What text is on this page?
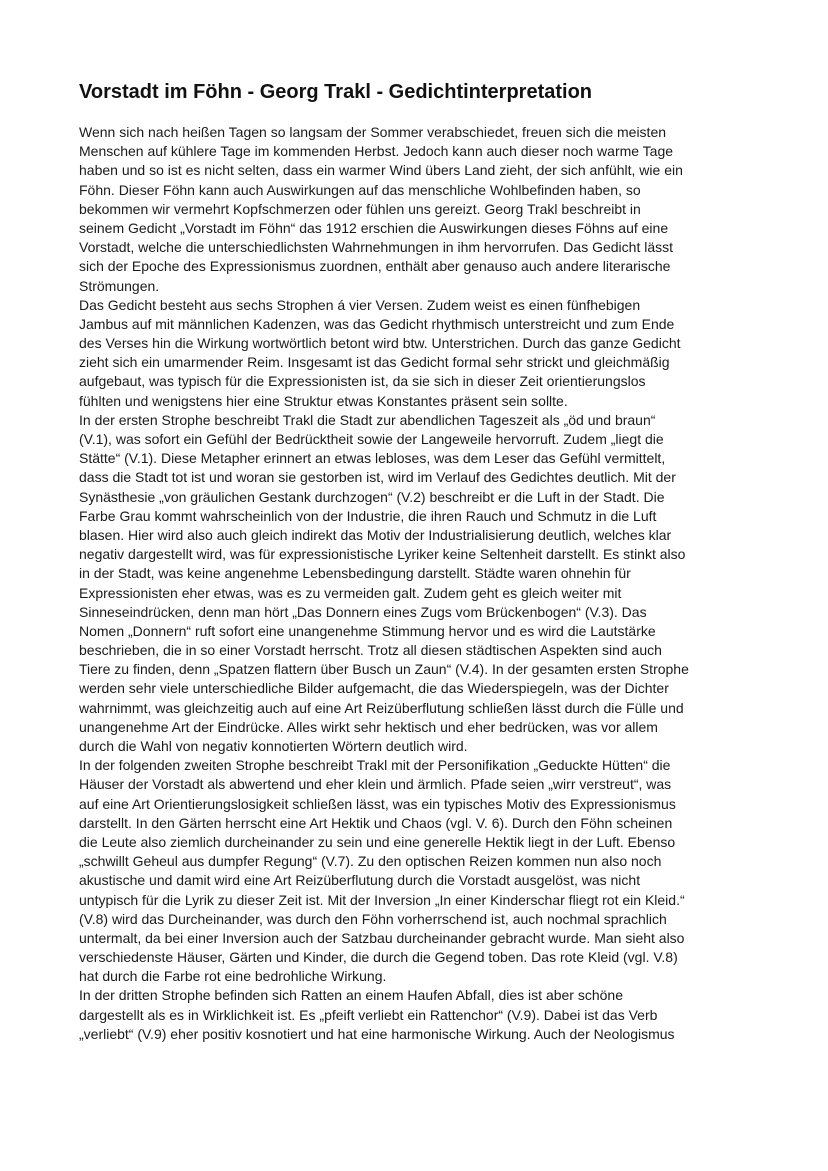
Vorstadt im Föhn - Georg Trakl - Gedichtinterpretation
Wenn sich nach heißen Tagen so langsam der Sommer verabschiedet, freuen sich die meisten
Menschen auf kühlere Tage im kommenden Herbst. Jedoch kann auch dieser noch warme Tage
haben und so ist es nicht selten, dass ein warmer Wind übers Land zieht, der sich anfühlt, wie ein
Föhn. Dieser Föhn kann auch Auswirkungen auf das menschliche Wohlbefinden haben, so
bekommen wir vermehrt Kopfschmerzen oder fühlen uns gereizt. Georg Trakl beschreibt in
seinem Gedicht „Vorstadt im Föhn“ das 1912 erschien die Auswirkungen dieses Föhns auf eine
Vorstadt, welche die unterschiedlichsten Wahrnehmungen in ihm hervorrufen. Das Gedicht lässt
sich der Epoche des Expressionismus zuordnen, enthält aber genauso auch andere literarische
Strömungen.
Das Gedicht besteht aus sechs Strophen á vier Versen. Zudem weist es einen fünfhebigen
Jambus auf mit männlichen Kadenzen, was das Gedicht rhythmisch unterstreicht und zum Ende
des Verses hin die Wirkung wortwörtlich betont wird btw. Unterstrichen. Durch das ganze Gedicht
zieht sich ein umarmender Reim. Insgesamt ist das Gedicht formal sehr strickt und gleichmäßig
aufgebaut, was typisch für die Expressionisten ist, da sie sich in dieser Zeit orientierungslos
fühlten und wenigstens hier eine Struktur etwas Konstantes präsent sein sollte.
In der ersten Strophe beschreibt Trakl die Stadt zur abendlichen Tageszeit als „öd und braun“
(V.1), was sofort ein Gefühl der Bedrücktheit sowie der Langeweile hervorruft. Zudem „liegt die
Stätte“ (V.1). Diese Metapher erinnert an etwas lebloses, was dem Leser das Gefühl vermittelt,
dass die Stadt tot ist und woran sie gestorben ist, wird im Verlauf des Gedichtes deutlich. Mit der
Synästhesie „von gräulichen Gestank durchzogen“ (V.2) beschreibt er die Luft in der Stadt. Die
Farbe Grau kommt wahrscheinlich von der Industrie, die ihren Rauch und Schmutz in die Luft
blasen. Hier wird also auch gleich indirekt das Motiv der Industrialisierung deutlich, welches klar
negativ dargestellt wird, was für expressionistische Lyriker keine Seltenheit darstellt. Es stinkt also
in der Stadt, was keine angenehme Lebensbedingung darstellt. Städte waren ohnehin für
Expressionisten eher etwas, was es zu vermeiden galt. Zudem geht es gleich weiter mit
Sinneseindrücken, denn man hört „Das Donnern eines Zugs vom Brückenbogen“ (V.3). Das
Nomen „Donnern“ ruft sofort eine unangenehme Stimmung hervor und es wird die Lautstärke
beschrieben, die in so einer Vorstadt herrscht. Trotz all diesen städtischen Aspekten sind auch
Tiere zu finden, denn „Spatzen flattern über Busch un Zaun“ (V.4). In der gesamten ersten Strophe
werden sehr viele unterschiedliche Bilder aufgemacht, die das Wiederspiegeln, was der Dichter
wahrnimmt, was gleichzeitig auch auf eine Art Reizüberflutung schließen lässt durch die Fülle und
unangenehme Art der Eindrücke. Alles wirkt sehr hektisch und eher bedrücken, was vor allem
durch die Wahl von negativ konnotierten Wörtern deutlich wird.
In der folgenden zweiten Strophe beschreibt Trakl mit der Personifikation „Geduckte Hütten“ die
Häuser der Vorstadt als abwertend und eher klein und ärmlich. Pfade seien „wirr verstreut“, was
auf eine Art Orientierungslosigkeit schließen lässt, was ein typisches Motiv des Expressionismus
darstellt. In den Gärten herrscht eine Art Hektik und Chaos (vgl. V. 6). Durch den Föhn scheinen
die Leute also ziemlich durcheinander zu sein und eine generelle Hektik liegt in der Luft. Ebenso
„schwillt Geheul aus dumpfer Regung“ (V.7). Zu den optischen Reizen kommen nun also noch
akustische und damit wird eine Art Reizüberflutung durch die Vorstadt ausgelöst, was nicht
untypisch für die Lyrik zu dieser Zeit ist. Mit der Inversion „In einer Kinderschar fliegt rot ein Kleid.“
(V.8) wird das Durcheinander, was durch den Föhn vorherrschend ist, auch nochmal sprachlich
untermalt, da bei einer Inversion auch der Satzbau durcheinander gebracht wurde. Man sieht also
verschiedenste Häuser, Gärten und Kinder, die durch die Gegend toben. Das rote Kleid (vgl. V.8)
hat durch die Farbe rot eine bedrohliche Wirkung.
In der dritten Strophe befinden sich Ratten an einem Haufen Abfall, dies ist aber schöne
dargestellt als es in Wirklichkeit ist. Es „pfeift verliebt ein Rattenchor“ (V.9). Dabei ist das Verb
„verliebt“ (V.9) eher positiv kosnotiert und hat eine harmonische Wirkung. Auch der Neologismus
